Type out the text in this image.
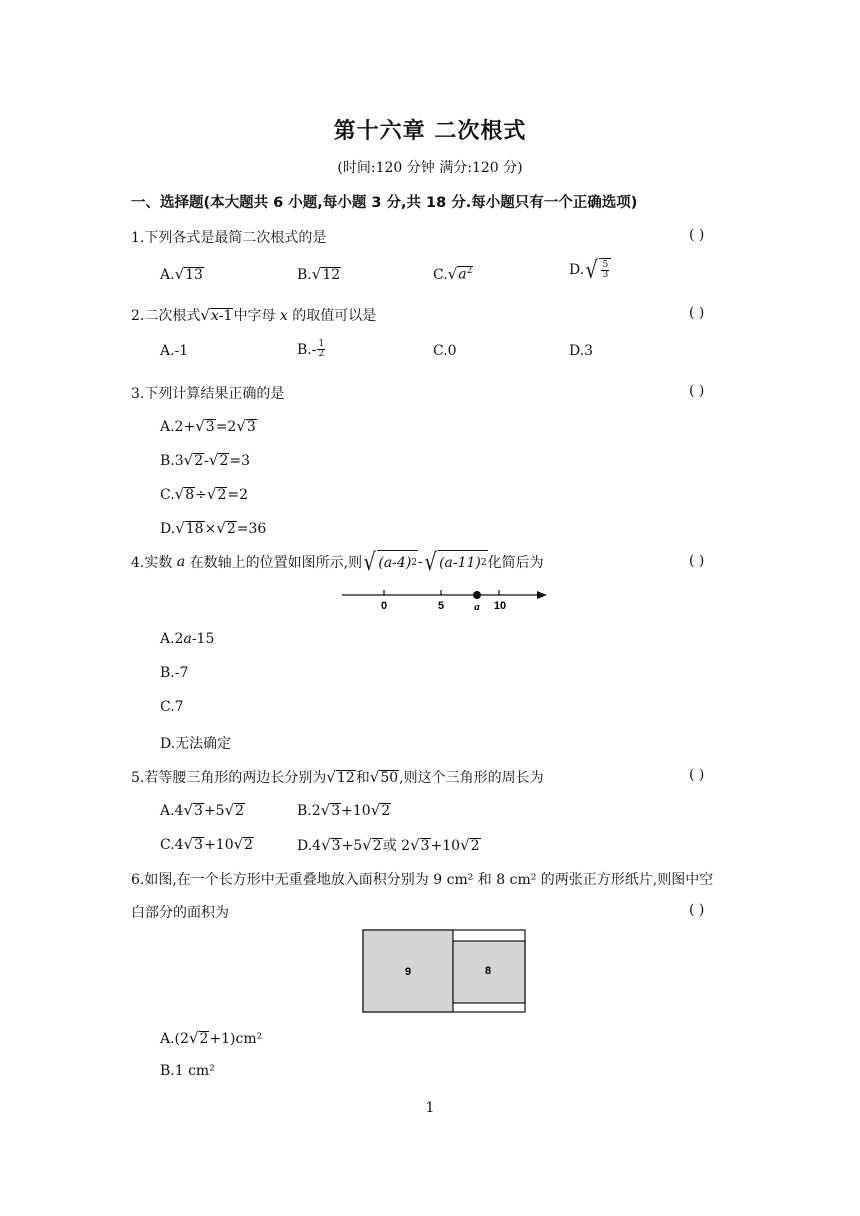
第十六章 二次根式
(时间:120 分钟 满分:120 分)
一、选择题(本大题共 6 小题,每小题 3 分,共 18 分.每小题只有一个正确选项)
1.下列各式是最简二次根式的是	( )
A.√13	B.√12	$C.√a^2$	D. √ $\frac{5}{3}$
2.二次根式√x-1中字母 x 的取值可以是	( )
A.-1	$B.- \frac{1}{2}$	C.0	D.3
3.下列计算结果正确的是	( )
A.2+√3=2√3
B.3√2-√2=3
C.√8÷√2=2
D.√18×√2=36
4.实数 a 在数轴上的位置如图所示,则 √ (a-4) 2 - √ (a-11) 2 化简后为	( )
0	5	10
a
A.2a-15
B.-7
C.7
D.无法确定
5.若等腰三角形的两边长分别为√12和√50,则这个三角形的周长为	( )
A.4√3+5√2	B.2√3+10√2
C.4√3+10√2	D.4√3+5√2或 2√3+10√2
6.如图,在一个长方形中无重叠地放入面积分别为 9 cm² 和 8 cm² 的两张正方形纸片,则图中空
白部分的面积为	( )
9	8
A.(2√2+1)cm²
B.1 cm²
1
